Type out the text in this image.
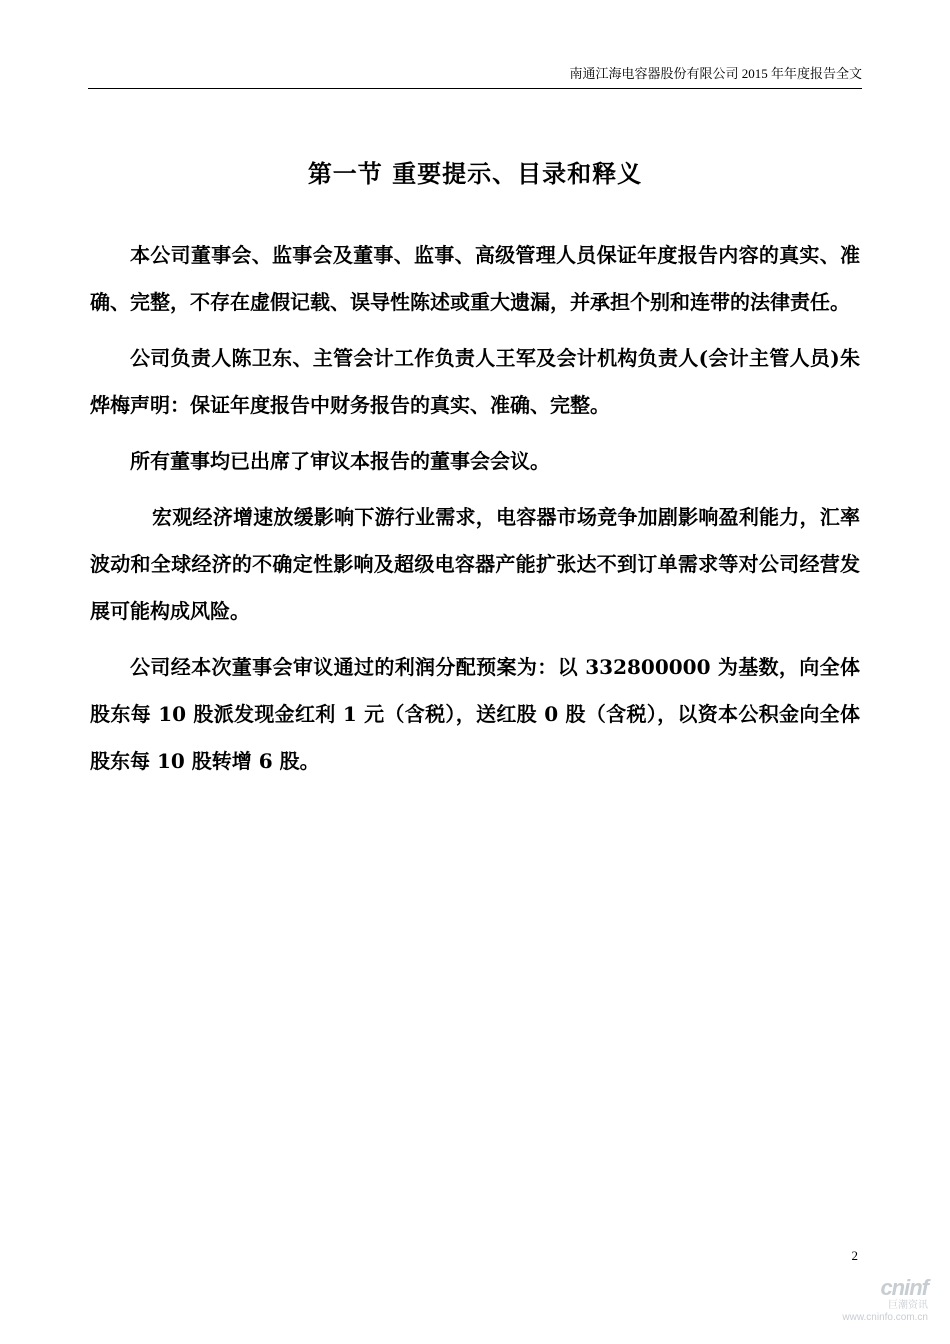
南通江海电容器股份有限公司 2015 年年度报告全文
第一节 重要提示、目录和释义

本公司董事会、监事会及董事、监事、高级管理人员保证年度报告内容的真实、准确、完整，不存在虚假记载、误导性陈述或重大遗漏，并承担个别和连带的法律责任。

公司负责人陈卫东、主管会计工作负责人王军及会计机构负责人(会计主管人员)朱烨梅声明：保证年度报告中财务报告的真实、准确、完整。

所有董事均已出席了审议本报告的董事会会议。

宏观经济增速放缓影响下游行业需求，电容器市场竞争加剧影响盈利能力，汇率波动和全球经济的不确定性影响及超级电容器产能扩张达不到订单需求等对公司经营发展可能构成风险。

公司经本次董事会审议通过的利润分配预案为：以 332800000 为基数，向全体股东每 10 股派发现金红利 1 元（含税），送红股 0 股（含税），以资本公积金向全体股东每 10 股转增 6 股。

2
cninf
巨潮资讯
www.cninfo.com.cn
